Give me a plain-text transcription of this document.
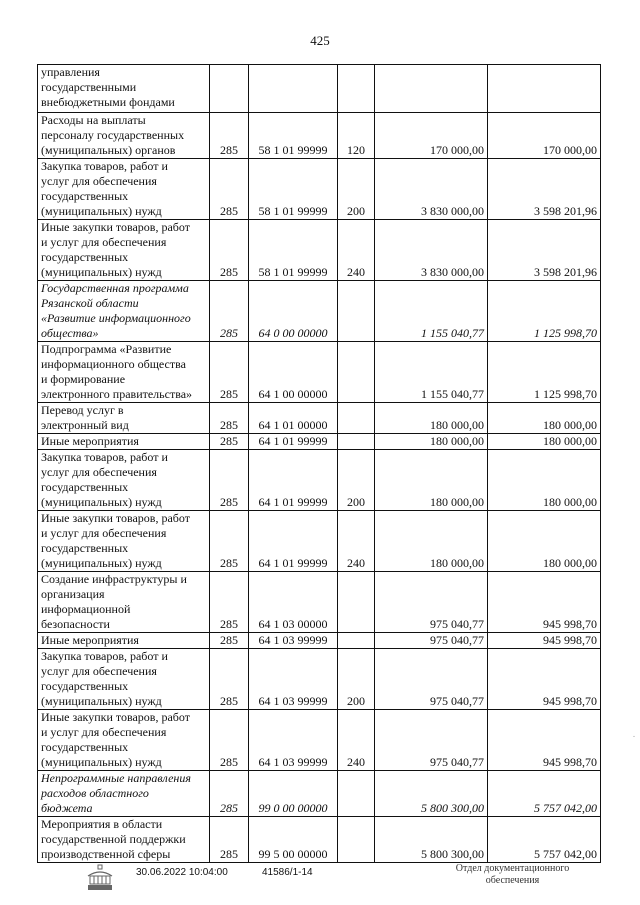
425
управления
государственными
внебюджетными фондами					

Расходы на выплаты
персоналу государственных
(муниципальных) органов	285	58 1 01 99999	120	170 000,00	170 000,00

Закупка товаров, работ и
услуг для обеспечения
государственных
(муниципальных) нужд	285	58 1 01 99999	200	3 830 000,00	3 598 201,96

Иные закупки товаров, работ
и услуг для обеспечения
государственных
(муниципальных) нужд	285	58 1 01 99999	240	3 830 000,00	3 598 201,96

Государственная программа
Рязанской области
«Развитие информационного
общества»	285	64 0 00 00000		1 155 040,77	1 125 998,70

Подпрограмма «Развитие
информационного общества
и формирование
электронного правительства»	285	64 1 00 00000		1 155 040,77	1 125 998,70

Перевод услуг в
электронный вид	285	64 1 01 00000		180 000,00	180 000,00

Иные мероприятия	285	64 1 01 99999		180 000,00	180 000,00

Закупка товаров, работ и
услуг для обеспечения
государственных
(муниципальных) нужд	285	64 1 01 99999	200	180 000,00	180 000,00

Иные закупки товаров, работ
и услуг для обеспечения
государственных
(муниципальных) нужд	285	64 1 01 99999	240	180 000,00	180 000,00

Создание инфраструктуры и
организация
информационной
безопасности	285	64 1 03 00000		975 040,77	945 998,70

Иные мероприятия	285	64 1 03 99999		975 040,77	945 998,70

Закупка товаров, работ и
услуг для обеспечения
государственных
(муниципальных) нужд	285	64 1 03 99999	200	975 040,77	945 998,70

Иные закупки товаров, работ
и услуг для обеспечения
государственных
(муниципальных) нужд	285	64 1 03 99999	240	975 040,77	945 998,70

Непрограммные направления
расходов областного
бюджета	285	99 0 00 00000		5 800 300,00	5 757 042,00

Мероприятия в области
государственной поддержки
производственной сферы	285	99 5 00 00000		5 800 300,00	5 757 042,00
·
30.06.2022 10:04:00	41586/1-14	Отдел документационного
обеспечения
